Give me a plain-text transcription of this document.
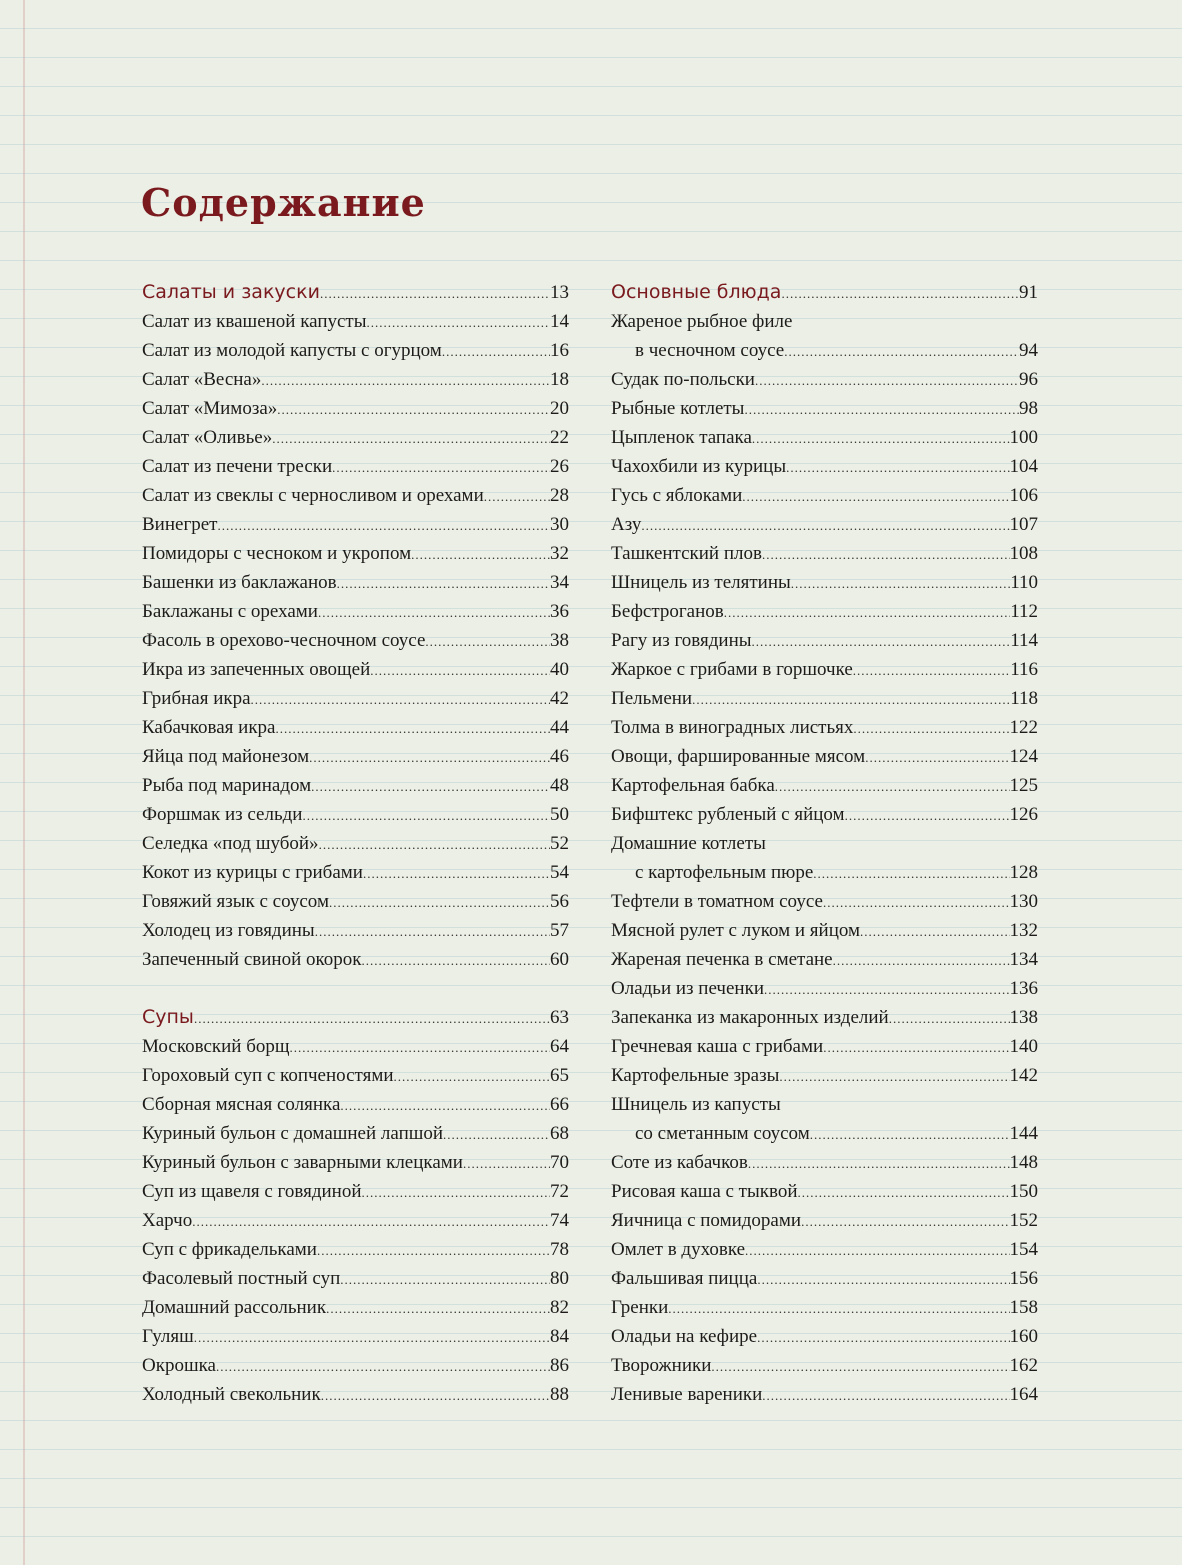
Содержание
Салаты и закуски .....	13
Салат из квашеной капусты .....	14
Салат из молодой капусты с огурцом .....	16
Салат «Весна» .....	18
Салат «Мимоза» .....	20
Салат «Оливье» .....	22
Салат из печени трески .....	26
Салат из свеклы с черносливом и орехами .....	28
Винегрет .....	30
Помидоры с чесноком и укропом .....	32
Башенки из баклажанов .....	34
Баклажаны с орехами .....	36
Фасоль в орехово-чесночном соусе .....	38
Икра из запеченных овощей .....	40
Грибная икра .....	42
Кабачковая икра .....	44
Яйца под майонезом .....	46
Рыба под маринадом .....	48
Форшмак из сельди .....	50
Селедка «под шубой» .....	52
Кокот из курицы с грибами .....	54
Говяжий язык с соусом .....	56
Холодец из говядины .....	57
Запеченный свиной окорок .....	60
Супы .....	63
Московский борщ .....	64
Гороховый суп с копченостями .....	65
Сборная мясная солянка .....	66
Куриный бульон с домашней лапшой .....	68
Куриный бульон с заварными клецками .....	70
Суп из щавеля с говядиной .....	72
Харчо .....	74
Суп с фрикадельками .....	78
Фасолевый постный суп .....	80
Домашний рассольник .....	82
Гуляш .....	84
Окрошка .....	86
Холодный свекольник .....	88
Основные блюда .....	91
Жареное рыбное филе
в чесночном соусе .....	94
Судак по-польски .....	96
Рыбные котлеты .....	98
Цыпленок тапака .....	100
Чахохбили из курицы .....	104
Гусь с яблоками .....	106
Азу .....	107
Ташкентский плов .....	108
Шницель из телятины .....	110
Бефстроганов .....	112
Рагу из говядины .....	114
Жаркое с грибами в горшочке .....	116
Пельмени .....	118
Толма в виноградных листьях .....	122
Овощи, фаршированные мясом .....	124
Картофельная бабка .....	125
Бифштекс рубленый с яйцом .....	126
Домашние котлеты
с картофельным пюре .....	128
Тефтели в томатном соусе .....	130
Мясной рулет с луком и яйцом .....	132
Жареная печенка в сметане .....	134
Оладьи из печенки .....	136
Запеканка из макаронных изделий .....	138
Гречневая каша с грибами .....	140
Картофельные зразы .....	142
Шницель из капусты
со сметанным соусом .....	144
Соте из кабачков .....	148
Рисовая каша с тыквой .....	150
Яичница с помидорами .....	152
Омлет в духовке .....	154
Фальшивая пицца .....	156
Гренки .....	158
Оладьи на кефире .....	160
Творожники .....	162
Ленивые вареники .....	164
